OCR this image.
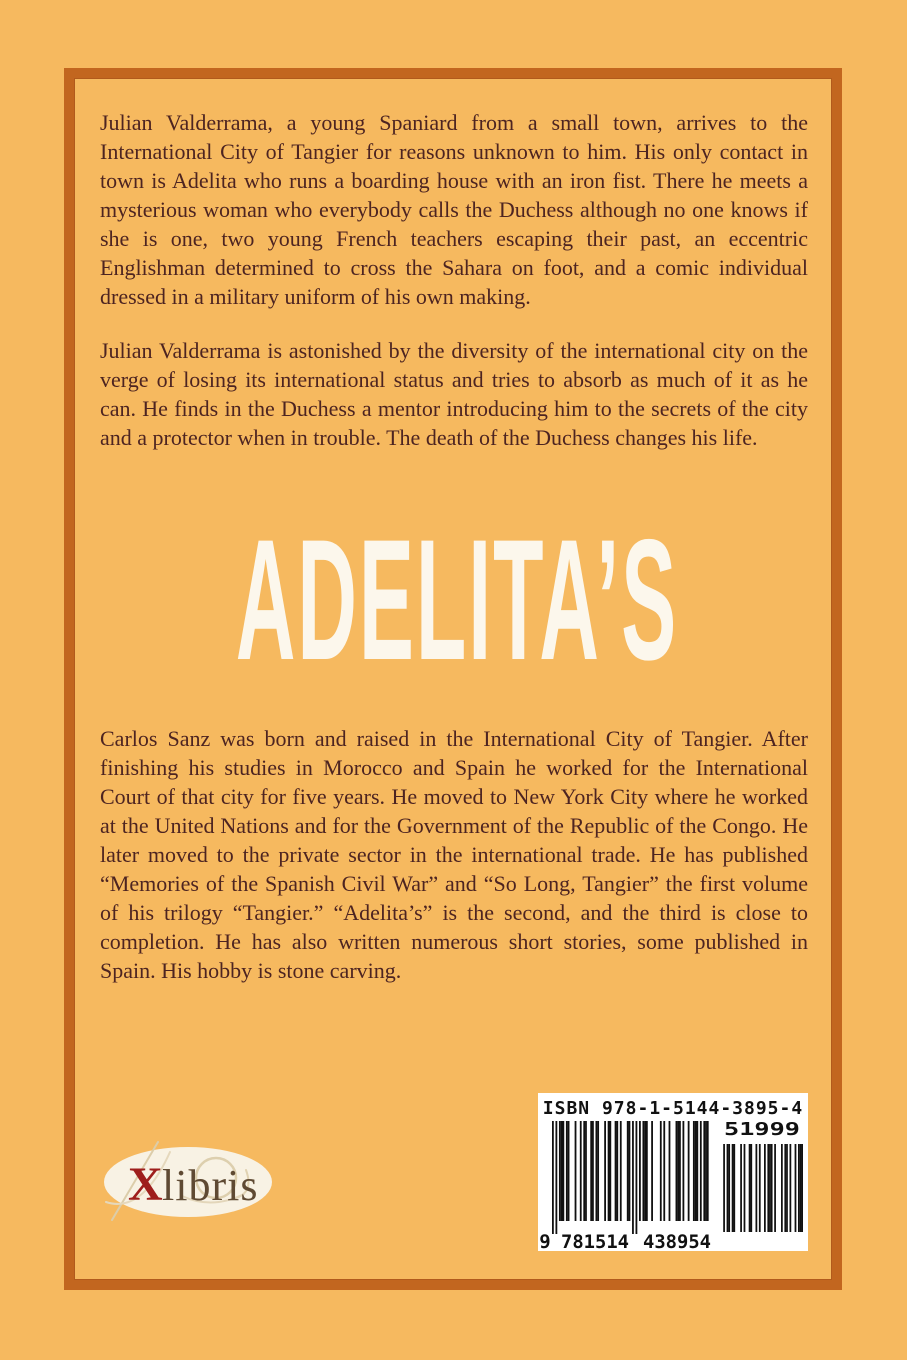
Julian Valderrama, a young Spaniard from a small town, arrives to the International City of Tangier for reasons unknown to him. His only contact in town is Adelita who runs a boarding house with an iron fist. There he meets a mysterious woman who everybody calls the Duchess although no one knows if she is one, two young French teachers escaping their past, an eccentric Englishman determined to cross the Sahara on foot, and a comic individual dressed in a military uniform of his own making.
Julian Valderrama is astonished by the diversity of the international city on the verge of losing its international status and tries to absorb as much of it as he can. He finds in the Duchess a mentor introducing him to the secrets of the city and a protector when in trouble. The death of the Duchess changes his life.
ADELITA’S
Carlos Sanz was born and raised in the International City of Tangier. After finishing his studies in Morocco and Spain he worked for the International Court of that city for five years. He moved to New York City where he worked at the United Nations and for the Government of the Republic of the Congo. He later moved to the private sector in the international trade. He has published “Memories of the Spanish Civil War” and “So Long, Tangier” the first volume of his trilogy “Tangier.” “Adelita’s” is the second, and the third is close to completion. He has also written numerous short stories, some published in Spain. His hobby is stone carving.
X libris
ISBN 978-1-5144-3895-4
9 781514 438954
51999
